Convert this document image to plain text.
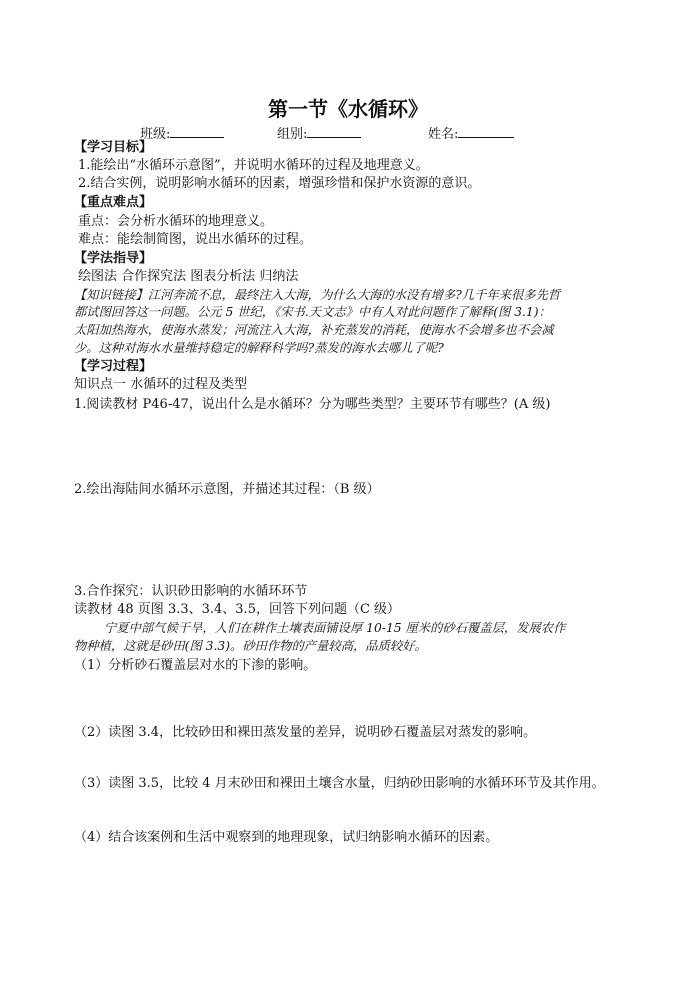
第一节《水循环》
班级:	组别:	姓名:
【学习目标】
1.能绘出“水循环示意图”，并说明水循环的过程及地理意义。
2.结合实例，说明影响水循环的因素，增强珍惜和保护水资源的意识。
【重点难点】
重点：会分析水循环的地理意义。
难点：能绘制简图，说出水循环的过程。
【学法指导】
绘图法 合作探究法 图表分析法 归纳法
【知识链接】江河奔流不息，最终注入大海，为什么大海的水没有增多?几千年来很多先哲
都试图回答这一问题。公元 5 世纪，《宋书.天文志》中有人对此问题作了解释(图 3.1)：
太阳加热海水，使海水蒸发；河流注入大海，补充蒸发的消耗，使海水不会增多也不会减
少。这种对海水水量维持稳定的解释科学吗?蒸发的海水去哪儿了呢?
【学习过程】
知识点一 水循环的过程及类型
1.阅读教材 P46-47，说出什么是水循环？分为哪些类型？主要环节有哪些？(A 级)
2.绘出海陆间水循环示意图，并描述其过程：（B 级）
3.合作探究：认识砂田影响的水循环环节
读教材 48 页图 3.3、3.4、3.5，回答下列问题（C 级）
宁夏中部气候干旱，人们在耕作土壤表面铺设厚 10-15 厘米的砂石覆盖层，发展农作
物种植，这就是砂田(图 3.3)。砂田作物的产量较高，品质较好。
（1）分析砂石覆盖层对水的下渗的影响。
（2）读图 3.4，比较砂田和裸田蒸发量的差异，说明砂石覆盖层对蒸发的影响。
（3）读图 3.5，比较 4 月末砂田和裸田土壤含水量，归纳砂田影响的水循环环节及其作用。
（4）结合该案例和生活中观察到的地理现象，试归纳影响水循环的因素。
